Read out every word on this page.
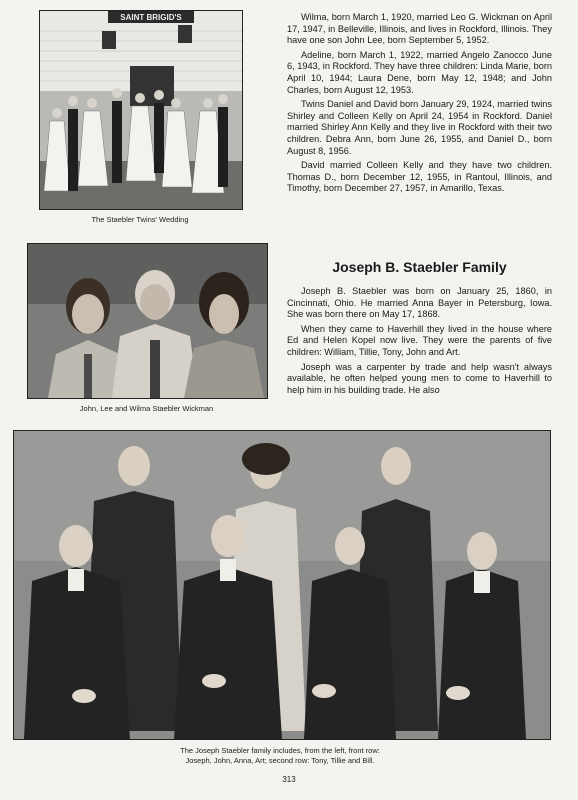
SAINT BRIGID'S
The Staebler Twins' Wedding
John, Lee and Wilma Staebler Wickman

Wilma, born March 1, 1920, married Leo G. Wickman on April 17, 1947, in Belleville, Illinois, and lives in Rockford, Illinois. They have one son John Lee, born September 5, 1952.

Adeline, born March 1, 1922, married Angelo Zanocco June 6, 1943, in Rockford. They have three children: Linda Marie, born April 10, 1944; Laura Dene, born May 12, 1948; and John Charles, born August 12, 1953.

Twins Daniel and David born January 29, 1924, married twins Shirley and Colleen Kelly on April 24, 1954 in Rockford. Daniel married Shirley Ann Kelly and they live in Rockford with their two children. Debra Ann, born June 26, 1955, and Daniel D., born August 8, 1956.

David married Colleen Kelly and they have two children. Thomas D., born December 12, 1955, in Rantoul, Illinois, and Timothy, born December 27, 1957, in Amarillo, Texas.

Joseph B. Staebler Family

Joseph B. Staebler was born on January 25, 1860, in Cincinnati, Ohio. He married Anna Bayer in Petersburg, Iowa. She was born there on May 17, 1868.

When they came to Haverhill they lived in the house where Ed and Helen Kopel now live. They were the parents of five children: William, Tillie, Tony, John and Art.

Joseph was a carpenter by trade and help wasn't always available, he often helped young men to come to Haverhill to help him in his building trade. He also

The Joseph Staebler family includes, from the left, front row:
Joseph, John, Anna, Art; second row: Tony, Tillie and Bill.
313
